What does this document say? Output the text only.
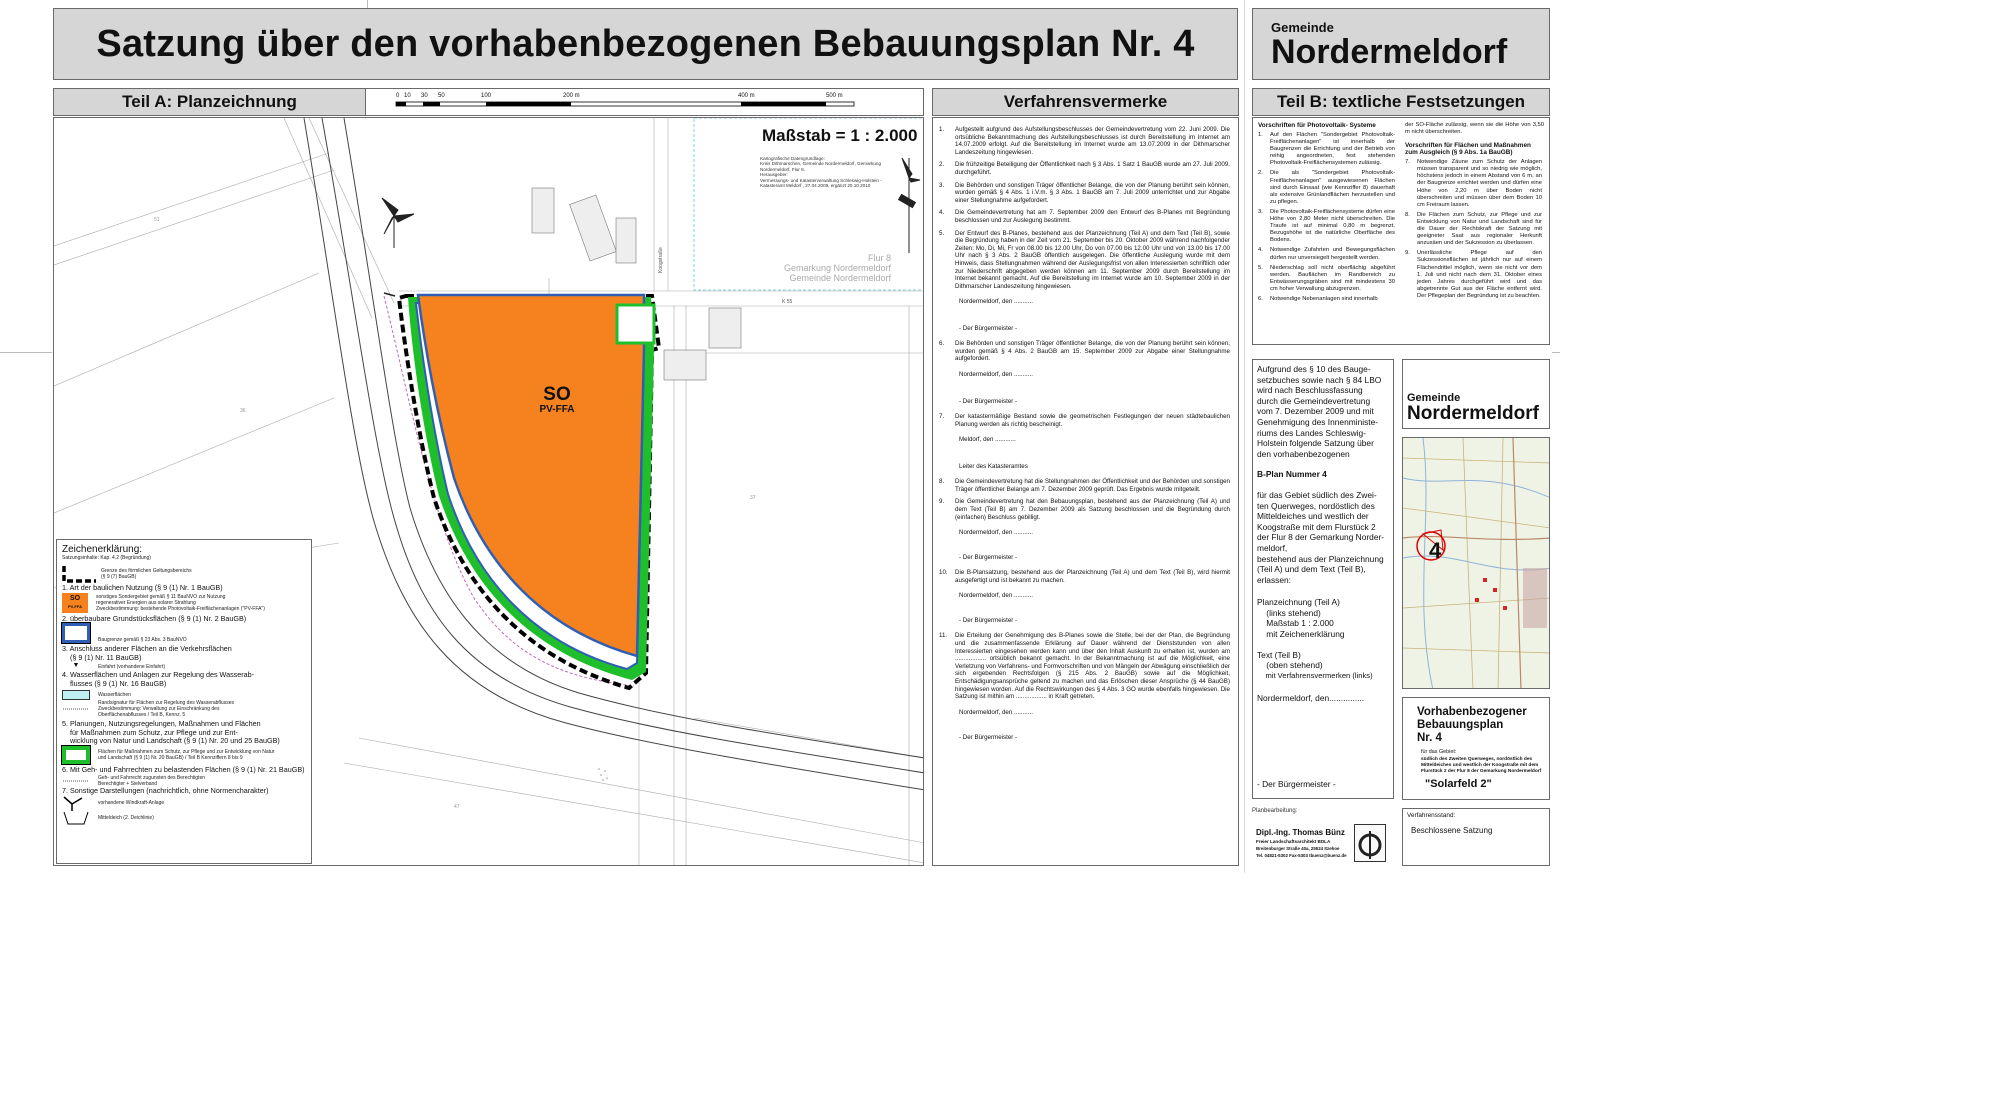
Satzung über den vorhabenbezogenen Bebauungsplan Nr. 4	Gemeinde
Nordermeldorf
Teil A: Planzeichnung	0 10 30 50	100	200 m	400 m	500 m
36
37
47
51
Maßstab = 1 : 2.000
Kartografische Datengrundlage:
Kreis Dithmarschen, Gemeinde Nordermeldorf, Gemarkung
Nordermeldorf, Flur 8.
Herausgeber:
Vermessungs- und Katasterverwaltung Schleswig-Holstein -
Katasteramt Meldorf , 27.04.2009, ergänzt 20.10.2010
SO
PV-FFA
Flur 8
Gemarkung Nordermeldorf
Gemeinde Nordermeldorf
Koogstraße
K 55
Zeichenerklärung:
Satzungsinhalte: Kap. 4.2 (Begründung)
Grenze des förmlichen Geltungsbereichs
(§ 9 (7) BauGB)
1. Art der baulichen Nutzung (§ 9 (1) Nr. 1 BauGB)
SO
PV-FFA
sonstiges Sondergebiet gemäß § 11 BauNVO zur Nutzung
regenerativer Energien aus solarer Strahlung
Zweckbestimmung: bestehende Photovoltaik-Freiflächenanlagen ("PV-FFA")
2. überbaubare Grundstücksflächen (§ 9 (1) Nr. 2 BauGB)
Baugrenze gemäß § 23 Abs. 3 BauNVO
3. Anschluss anderer Flächen an die Verkehrsflächen
(§ 9 (1) Nr. 11 BauGB)
▼	Einfahrt (vorhandene Einfahrt)
4. Wasserflächen und Anlagen zur Regelung des Wasserab-
flusses (§ 9 (1) Nr. 16 BauGB)
Wasserflächen
Randsignatur für Flächen zur Regelung des Wasserabflusses
Zweckbestimmung: Verwaltung zur Einschränkung des
Oberflächenabflusses / Teil B, Kennz. 5
5. Planungen, Nutzungsregelungen, Maßnahmen und Flächen
für Maßnahmen zum Schutz, zur Pflege und zur Ent-
wicklung von Natur und Landschaft (§ 9 (1) Nr. 20 und 25 BauGB)
Flächen für Maßnahmen zum Schutz, zur Pflege und zur Entwicklung von Natur
und Landschaft (§ 9 (1) Nr. 20 BauGB) / Teil B Kennziffern 8 bis 9
6. Mit Geh- und Fahrrechten zu belastenden Flächen (§ 9 (1) Nr. 21 BauGB)
Geh- und Fahrrecht zugunsten des Berechtigten
Berechtigter + Sielverband
7. Sonstige Darstellungen (nachrichtlich, ohne Normencharakter)
vorhandene Windkraft-Anlage
Mitteldeich (2. Deichlinie)
Verfahrensvermerke

1. Aufgestellt aufgrund des Aufstellungsbeschlusses der Gemeindevertretung vom 22. Juni 2009. Die ortsübliche Bekanntmachung des Aufstellungsbeschlusses ist durch Bereitstellung im Internet am 14.07.2009 erfolgt. Auf die Bereitstellung im Internet wurde am 13.07.2009 in der Dithmarscher Landeszeitung hingewiesen.

2. Die frühzeitige Beteiligung der Öffentlichkeit nach § 3 Abs. 1 Satz 1 BauGB wurde am 27. Juli 2009. durchgeführt.

3. Die Behörden und sonstigen Träger öffentlicher Belange, die von der Planung berührt sein können, wurden gemäß § 4 Abs. 1 i.V.m. § 3 Abs. 1 BauGB am 7. Juli 2009 unterrichtet und zur Abgabe einer Stellungnahme aufgefordert.

4. Die Gemeindevertretung hat am 7. September 2009 den Entwurf des B-Planes mit Begründung beschlossen und zur Auslegung bestimmt.

5. Der Entwurf des B-Planes, bestehend aus der Planzeichnung (Teil A) und dem Text (Teil B), sowie die Begründung haben in der Zeit vom 21. September bis 20. Oktober 2009 während nachfolgender Zeiten: Mo, Di, Mi, Fr von 08.00 bis 12.00 Uhr, Do von 07.00 bis 12.00 Uhr und von 13.00 bis 17.00 Uhr nach § 3 Abs. 2 BauGB öffentlich ausgelegen. Die öffentliche Auslegung wurde mit dem Hinweis, dass Stellungnahmen während der Auslegungsfrist von allen Interessierten schriftlich oder zur Niederschrift abgegeben werden können am 11. September 2009 durch Bereitstellung im Internet bekannt gemacht. Auf die Bereitstellung im Internet wurde am 10. September 2009 in der Dithmarscher Landeszeitung hingewiesen.

Nordermeldorf, den ...........
- Der Bürgermeister -

6. Die Behörden und sonstigen Träger öffentlicher Belange, die von der Planung berührt sein können, wurden gemäß § 4 Abs. 2 BauGB am 15. September 2009 zur Abgabe einer Stellungnahme aufgefordert.

Nordermeldorf, den ...........
- Der Bürgermeister -

7. Der katastermäßige Bestand sowie die geometrischen Festlegungen der neuen städtebaulichen Planung werden als richtig bescheinigt.

Meldorf, den ............
Leiter des Katasteramtes

8. Die Gemeindevertretung hat die Stellungnahmen der Öffentlichkeit und der Behörden und sonstigen Träger öffentlicher Belange am 7. Dezember 2009 geprüft. Das Ergebnis wurde mitgeteilt.

9. Die Gemeindevertretung hat den Bebauungsplan, bestehend aus der Planzeichnung (Teil A) und dem Text (Teil B) am 7. Dezember 2009 als Satzung beschlossen und die Begründung durch (einfachen) Beschluss gebilligt.

Nordermeldorf, den ...........
- Der Bürgermeister -

10. Die B-Plansatzung, bestehend aus der Planzeichnung (Teil A) und dem Text (Teil B), wird hiermit ausgefertigt und ist bekannt zu machen.

Nordermeldorf, den ...........
- Der Bürgermeister -

11. Die Erteilung der Genehmigung des B-Planes sowie die Stelle, bei der der Plan, die Begründung und die zusammenfassende Erklärung auf Dauer während der Dienststunden von allen Interessierten eingesehen werden kann und über den Inhalt Auskunft zu erhalten ist, wurden am .................. ortsüblich bekannt gemacht. In der Bekanntmachung ist auf die Möglichkeit, eine Verletzung von Verfahrens- und Formvorschriften und von Mängeln der Abwägung einschließlich der sich ergebenden Rechtsfolgen (§ 215 Abs. 2 BauGB) sowie auf die Möglichkeit, Entschädigungsansprüche geltend zu machen und das Erlöschen dieser Ansprüche (§ 44 BauGB) hingewiesen worden. Auf die Rechtswirkungen des § 4 Abs. 3 GO wurde ebenfalls hingewiesen. Die Satzung ist mithin am .................. in Kraft getreten.

Nordermeldorf, den ...........
- Der Bürgermeister -
Teil B: textliche Festsetzungen
Vorschriften für Photovoltaik- Systeme

1. Auf den Flächen "Sondergebiet Photovoltaik-Freiflächenanlagen" ist innerhalb der Baugrenzen die Errichtung und der Betrieb von reihig angeordneten, fest stehenden Photovoltaik-Freiflächensystemen zulässig.

2. Die als "Sondergebiet Photovoltaik-Freiflächenanlagen" ausgewiesenen Flächen sind durch Einsaat (wie Kennziffer 8) dauerhaft als extensive Grünlandflächen herzustellen und zu pflegen.

3. Die Photovoltaik-Freiflächensysteme dürfen eine Höhe von 2,80 Meter nicht überschreiten. Die Traufe ist auf minimal 0,80 m begrenzt. Bezugshöhe ist die natürliche Oberfläche des Bodens.

4. Notwendige Zufahrten und Bewegungsflächen dürfen nur unversiegelt hergestellt werden.

5. Niederschlag soll nicht oberflächig abgeführt werden. Bauflächen im Randbereich zu Entwässerungsgräben sind mit mindestens 30 cm hoher Verwallung abzugrenzen.

6. Notwendige Nebenanlagen sind innerhalb

der SO-Fläche zulässig, wenn sie die Höhe von 3,50 m nicht überschreiten.

Vorschriften für Flächen und Maßnahmen zum Ausgleich (§ 9 Abs. 1a BauGB)

7. Notwendige Zäune zum Schutz der Anlagen müssen transparent und so niedrig wie möglich, höchstens jedoch in einem Abstand von 6 m, an der Baugrenze errichtet werden und dürfen eine Höhe von 2,20 m über Boden nicht überschreiten und müssen über dem Boden 10 cm Freiraum lassen.

8. Die Flächen zum Schutz, zur Pflege und zur Entwicklung von Natur und Landschaft sind für die Dauer der Rechtskraft der Satzung mit geeigneter Saat aus regionaler Herkunft anzusäen und der Sukzession zu überlassen.

9. Unerlässliche Pflege auf den Sukzessionsflächen ist jährlich nur auf einem Flächendrittel möglich, wenn sie nicht vor dem 1. Juli und nicht nach dem 31. Oktober eines jeden Jahres durchgeführt wird und das abgetrennte Gut aus der Fläche entfernt wird. Der Pflegeplan der Begründung ist zu beachten.

Aufgrund des § 10 des Bauge-
setzbuches sowie nach § 84 LBO
wird nach Beschlussfassung
durch die Gemeindevertretung
vom 7. Dezember 2009 und mit
Genehmigung des Innenministe-
riums des Landes Schleswig-
Holstein folgende Satzung über
den vorhabenbezogenen
B-Plan Nummer 4
für das Gebiet südlich des Zwei-
ten Querweges, nordöstlich des
Mitteldeiches und westlich der
Koogstraße mit dem Flurstück 2
der Flur 8 der Gemarkung Norder-
meldorf,
bestehend aus der Planzeichnung
(Teil A) und dem Text (Teil B),
erlassen:
Planzeichnung (Teil A)
(links stehend)
Maßstab 1 : 2.000
mit Zeichenerklärung
Text (Teil B)
(oben stehend)
mit Verfahrensvermerken (links)
Nordermeldorf, den...............
- Der Bürgermeister -
Planbearbeitung:
Dipl.-Ing. Thomas Bünz
Freier Landschaftsarchitekt BDLA
Breitenburger Straße 40a, 25524 Itzehoe
Tel. 04821-5302 Fax-5303 tbuenz@buenz.de
Gemeinde
Nordermeldorf
4
Vorhabenbezogener
Bebauungsplan
Nr. 4
für das Gebiet:
südlich des Zweiten Querweges, nordöstlich des
Mitteldeiches und westlich der Koogstraße mit dem
Flurstück 2 der Flur 8 der Gemarkung Nordermeldorf
"Solarfeld 2"
Verfahrensstand:
Beschlossene Satzung
